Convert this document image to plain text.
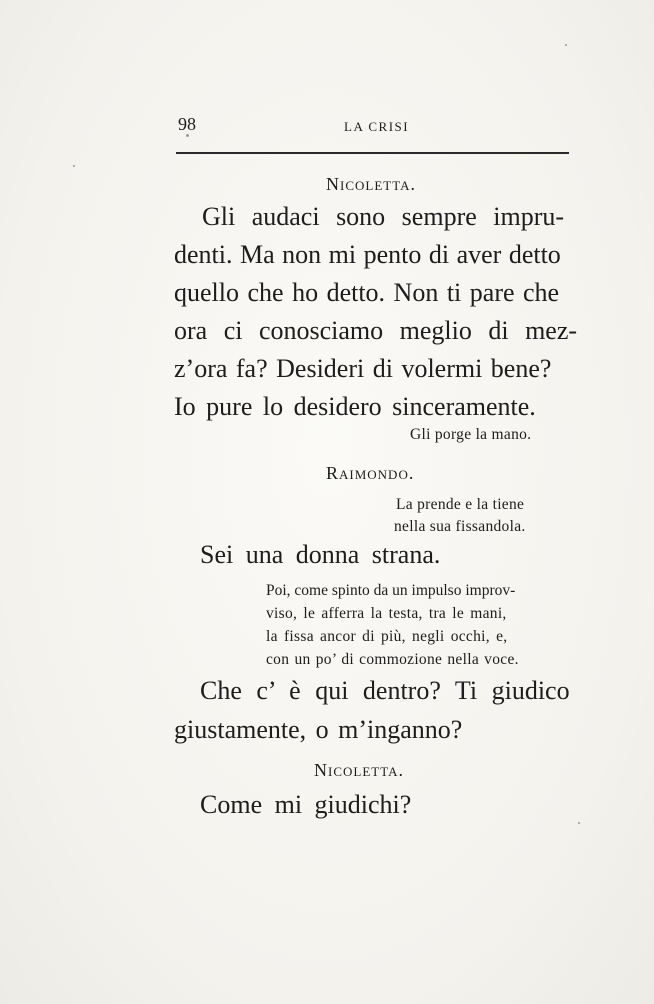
98	LA CRISI
Nicoletta.
Gli audaci sono sempre impru-
denti. Ma non mi pento di aver detto
quello che ho detto. Non ti pare che
ora ci conosciamo meglio di mez-
z’ora fa? Desideri di volermi bene?
Io pure lo desidero sinceramente.
Gli porge la mano.
Raimondo.
La prende e la tiene
nella sua fissandola.
Sei una donna strana.
Poi, come spinto da un impulso improv-
viso, le afferra la testa, tra le mani,
la fissa ancor di più, negli occhi, e,
con un po’ di commozione nella voce.
Che c’ è qui dentro? Ti giudico
giustamente, o m’inganno?
Nicoletta.
Come mi giudichi?
